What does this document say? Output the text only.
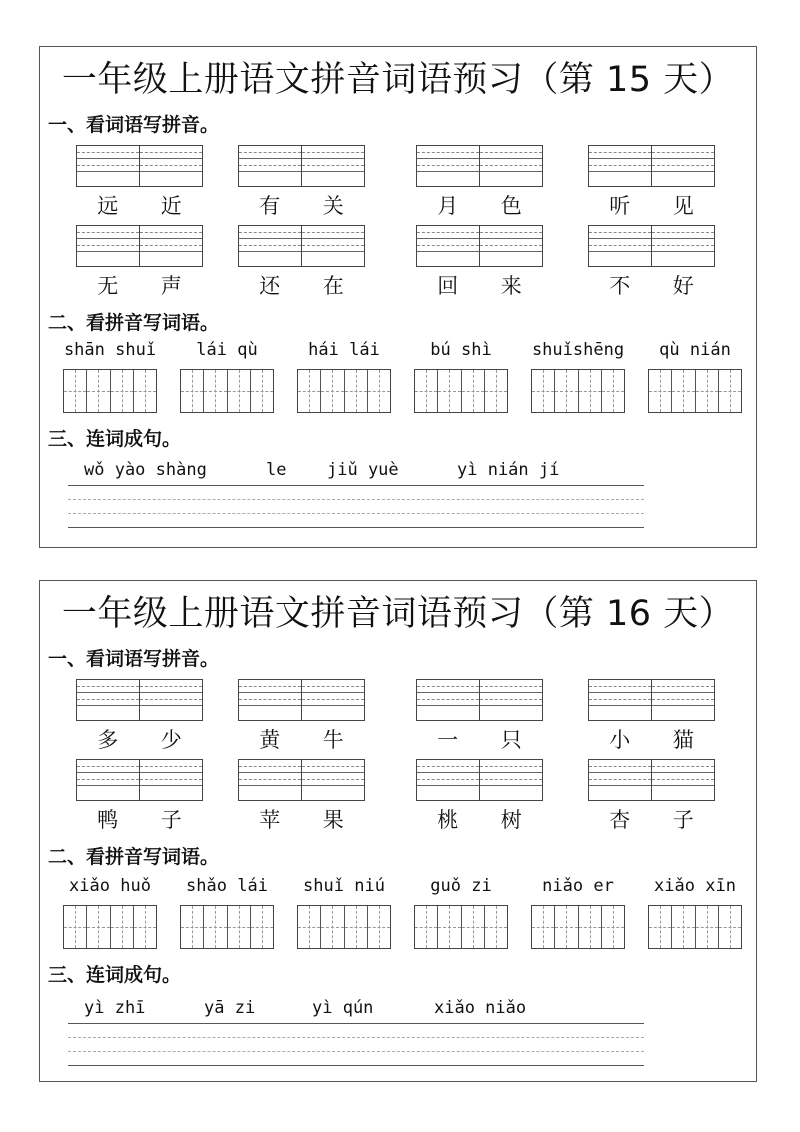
一年级上册语文拼音词语预习（第 15 天）
一、看词语写拼音。
远 近	有 关	月 色	听 见
无 声	还 在	回 来	不 好
二、看拼音写词语。
shān shuǐ	lái qù	hái lái	bú shì	shuǐshēng	qù nián
三、连词成句。
wǒ yào shàng	le jiǔ yuè	yì nián jí
一年级上册语文拼音词语预习（第 16 天）
一、看词语写拼音。
多 少	黄 牛	一 只	小 猫
鸭 子	苹 果	桃 树	杏 子
二、看拼音写词语。
xiǎo huǒ	shǎo lái	shuǐ niú	guǒ zi	niǎo er	xiǎo xīn
三、连词成句。
yì zhī	yā zi	yì qún	xiǎo niǎo
